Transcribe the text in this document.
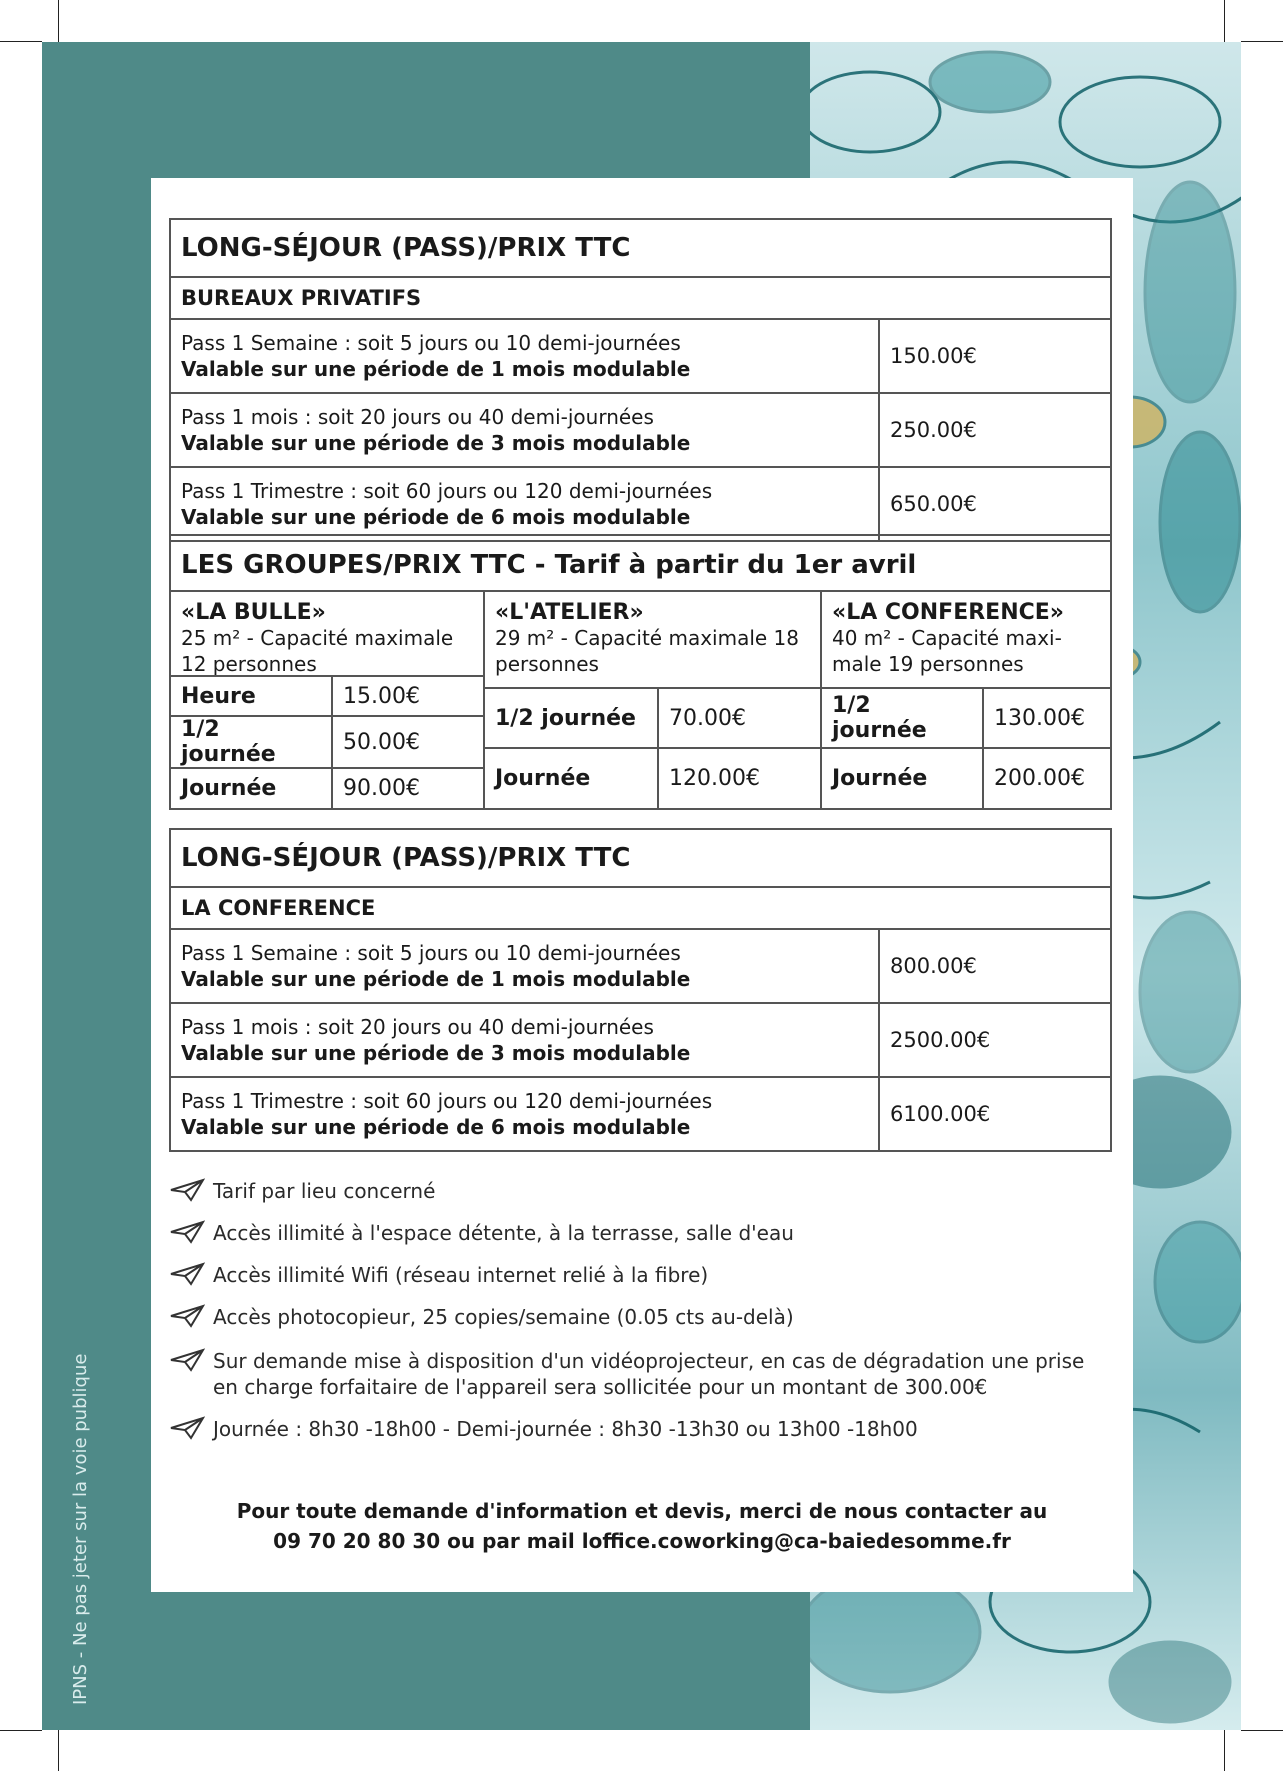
IPNS - Ne pas jeter sur la voie publique
LONG-SÉJOUR (PASS)/PRIX TTC	
BUREAUX PRIVATIFS	
Pass 1 Semaine : soit 5 jours ou 10 demi-journées
Valable sur une période de 1 mois modulable	150.00€
Pass 1 mois : soit 20 jours ou 40 demi-journées
Valable sur une période de 3 mois modulable	250.00€
Pass 1 Trimestre : soit 60 jours ou 120 demi-journées
Valable sur une période de 6 mois modulable	650.00€
LES GROUPES/PRIX TTC - Tarif à partir du 1er avril
«LA BULLE»
25 m² - Capacité maximale 12 personnes
Heure	15.00€
1/2 journée	50.00€
Journée	90.00€
«L'ATELIER»
29 m² - Capacité maximale 18 personnes
1/2 journée	70.00€
Journée	120.00€
«LA CONFERENCE»
40 m² - Capacité maxi-male 19 personnes
1/2 journée	130.00€
Journée	200.00€
LONG-SÉJOUR (PASS)/PRIX TTC	
LA CONFERENCE	
Pass 1 Semaine : soit 5 jours ou 10 demi-journées
Valable sur une période de 1 mois modulable	800.00€
Pass 1 mois : soit 20 jours ou 40 demi-journées
Valable sur une période de 3 mois modulable	2500.00€
Pass 1 Trimestre : soit 60 jours ou 120 demi-journées
Valable sur une période de 6 mois modulable	6100.00€
Tarif par lieu concerné
Accès illimité à l'espace détente, à la terrasse, salle d'eau
Accès illimité Wifi (réseau internet relié à la fibre)
Accès photocopieur, 25 copies/semaine (0.05 cts au-delà)
Sur demande mise à disposition d'un vidéoprojecteur, en cas de dégradation une prise en charge forfaitaire de l'appareil sera sollicitée pour un montant de 300.00€
Journée : 8h30 -18h00 - Demi-journée : 8h30 -13h30 ou 13h00 -18h00
Pour toute demande d'information et devis, merci de nous contacter au
09 70 20 80 30 ou par mail loffice.coworking@ca-baiedesomme.fr
